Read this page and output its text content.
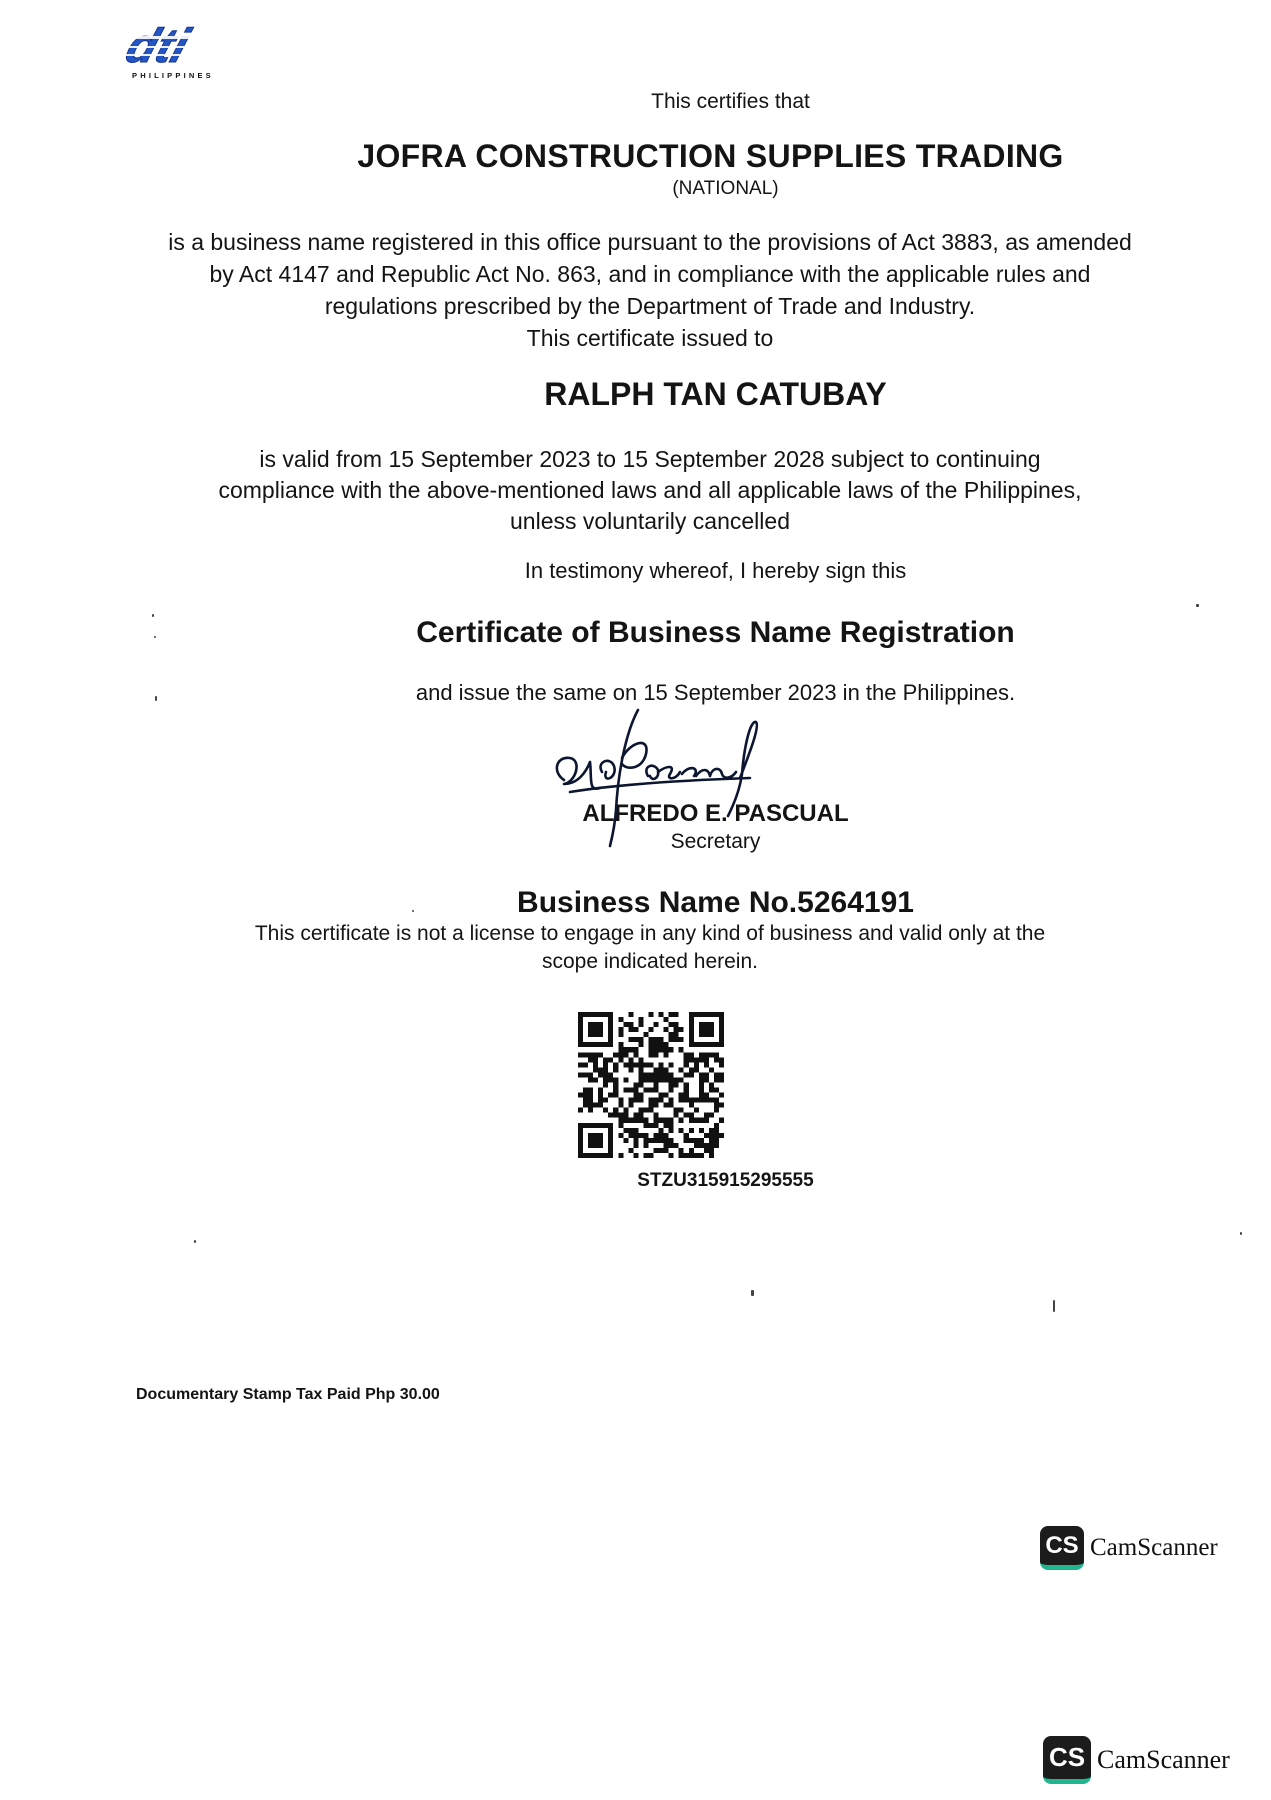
PHILIPPINES
This certifies that
JOFRA CONSTRUCTION SUPPLIES TRADING
(NATIONAL)
is a business name registered in this office pursuant to the provisions of Act 3883, as amended
by Act 4147 and Republic Act No. 863, and in compliance with the applicable rules and
regulations prescribed by the Department of Trade and Industry.
This certificate issued to
RALPH TAN CATUBAY
is valid from 15 September 2023 to 15 September 2028 subject to continuing
compliance with the above-mentioned laws and all applicable laws of the Philippines,
unless voluntarily cancelled
In testimony whereof, I hereby sign this
Certificate of Business Name Registration
and issue the same on 15 September 2023 in the Philippines.
ALFREDO E. PASCUAL
Secretary
Business Name No.5264191
This certificate is not a license to engage in any kind of business and valid only at the
scope indicated herein.
STZU315915295555
Documentary Stamp Tax Paid Php 30.00
CS CamScanner
CS CamScanner
